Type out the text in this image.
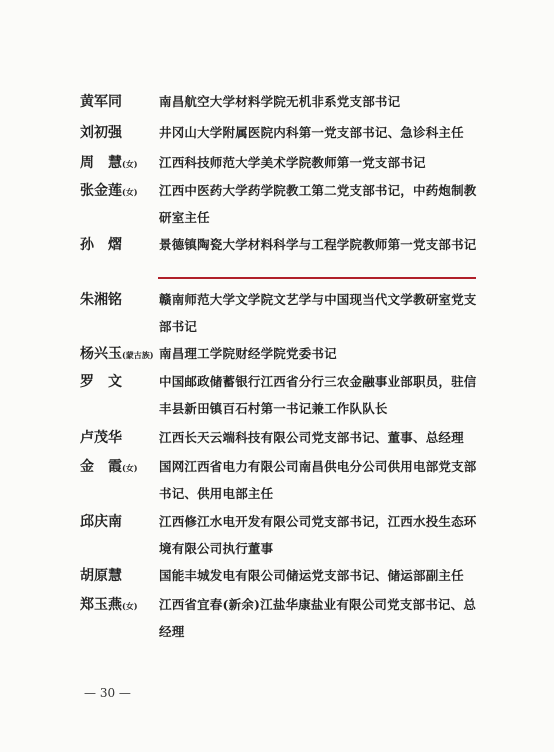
黄军同	南昌航空大学材料学院无机非系党支部书记
刘初强	井冈山大学附属医院内科第一党支部书记、急诊科主任
周　慧(女) 江西科技师范大学美术学院教师第一党支部书记
张金莲(女) 江西中医药大学药学院教工第二党支部书记，中药炮制教研室主任
孙　熠	景德镇陶瓷大学材料科学与工程学院教师第一党支部书记
朱湘铭	赣南师范大学文学院文艺学与中国现当代文学教研室党支部书记
杨兴玉(蒙古族) 南昌理工学院财经学院党委书记
罗　文	中国邮政储蓄银行江西省分行三农金融事业部职员，驻信丰县新田镇百石村第一书记兼工作队队长
卢茂华	江西长天云端科技有限公司党支部书记、董事、总经理
金　霞(女) 国网江西省电力有限公司南昌供电分公司供用电部党支部书记、供用电部主任
邱庆南	江西修江水电开发有限公司党支部书记，江西水投生态环境有限公司执行董事
胡原慧	国能丰城发电有限公司储运党支部书记、储运部副主任
郑玉燕(女) 江西省宜春(新余)江盐华康盐业有限公司党支部书记、总经理
— 30 —
